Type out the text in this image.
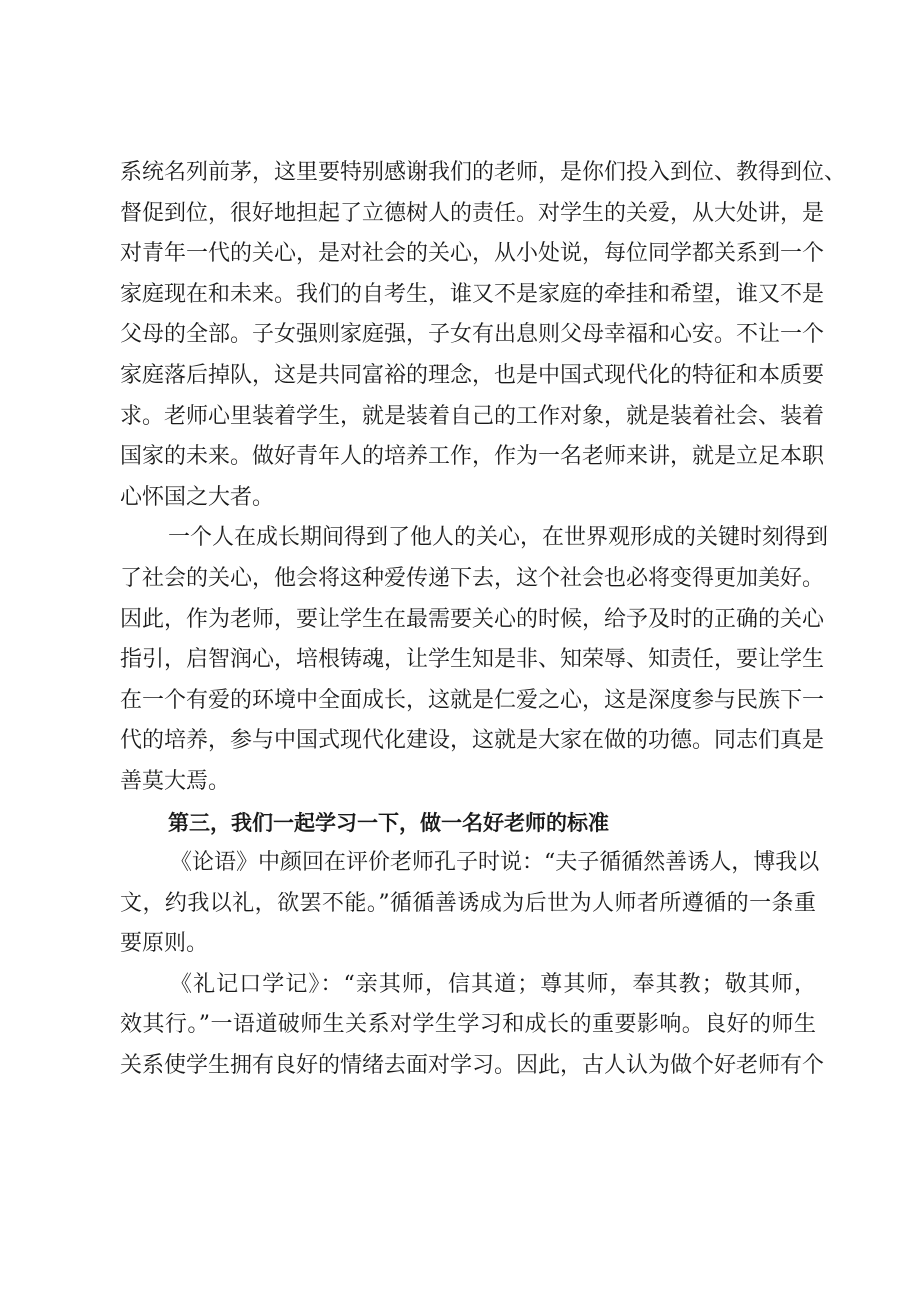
系统名列前茅，这里要特别感谢我们的老师，是你们投入到位、教得到位、
督促到位，很好地担起了立德树人的责任。对学生的关爱，从大处讲，是
对青年一代的关心，是对社会的关心，从小处说，每位同学都关系到一个
家庭现在和未来。我们的自考生，谁又不是家庭的牵挂和希望，谁又不是
父母的全部。子女强则家庭强，子女有出息则父母幸福和心安。不让一个
家庭落后掉队，这是共同富裕的理念，也是中国式现代化的特征和本质要
求。老师心里装着学生，就是装着自己的工作对象，就是装着社会、装着
国家的未来。做好青年人的培养工作，作为一名老师来讲，就是立足本职
心怀国之大者。
一个人在成长期间得到了他人的关心，在世界观形成的关键时刻得到
了社会的关心，他会将这种爱传递下去，这个社会也必将变得更加美好。
因此，作为老师，要让学生在最需要关心的时候，给予及时的正确的关心
指引，启智润心，培根铸魂，让学生知是非、知荣辱、知责任，要让学生
在一个有爱的环境中全面成长，这就是仁爱之心，这是深度参与民族下一
代的培养，参与中国式现代化建设，这就是大家在做的功德。同志们真是
善莫大焉。
第三，我们一起学习一下，做一名好老师的标准
《论语》中颜回在评价老师孔子时说：“夫子循循然善诱人，博我以
文，约我以礼，欲罢不能。”循循善诱成为后世为人师者所遵循的一条重
要原则。
《礼记口学记》：“亲其师，信其道；尊其师，奉其教；敬其师，
效其行。”一语道破师生关系对学生学习和成长的重要影响。良好的师生
关系使学生拥有良好的情绪去面对学习。因此，古人认为做个好老师有个
